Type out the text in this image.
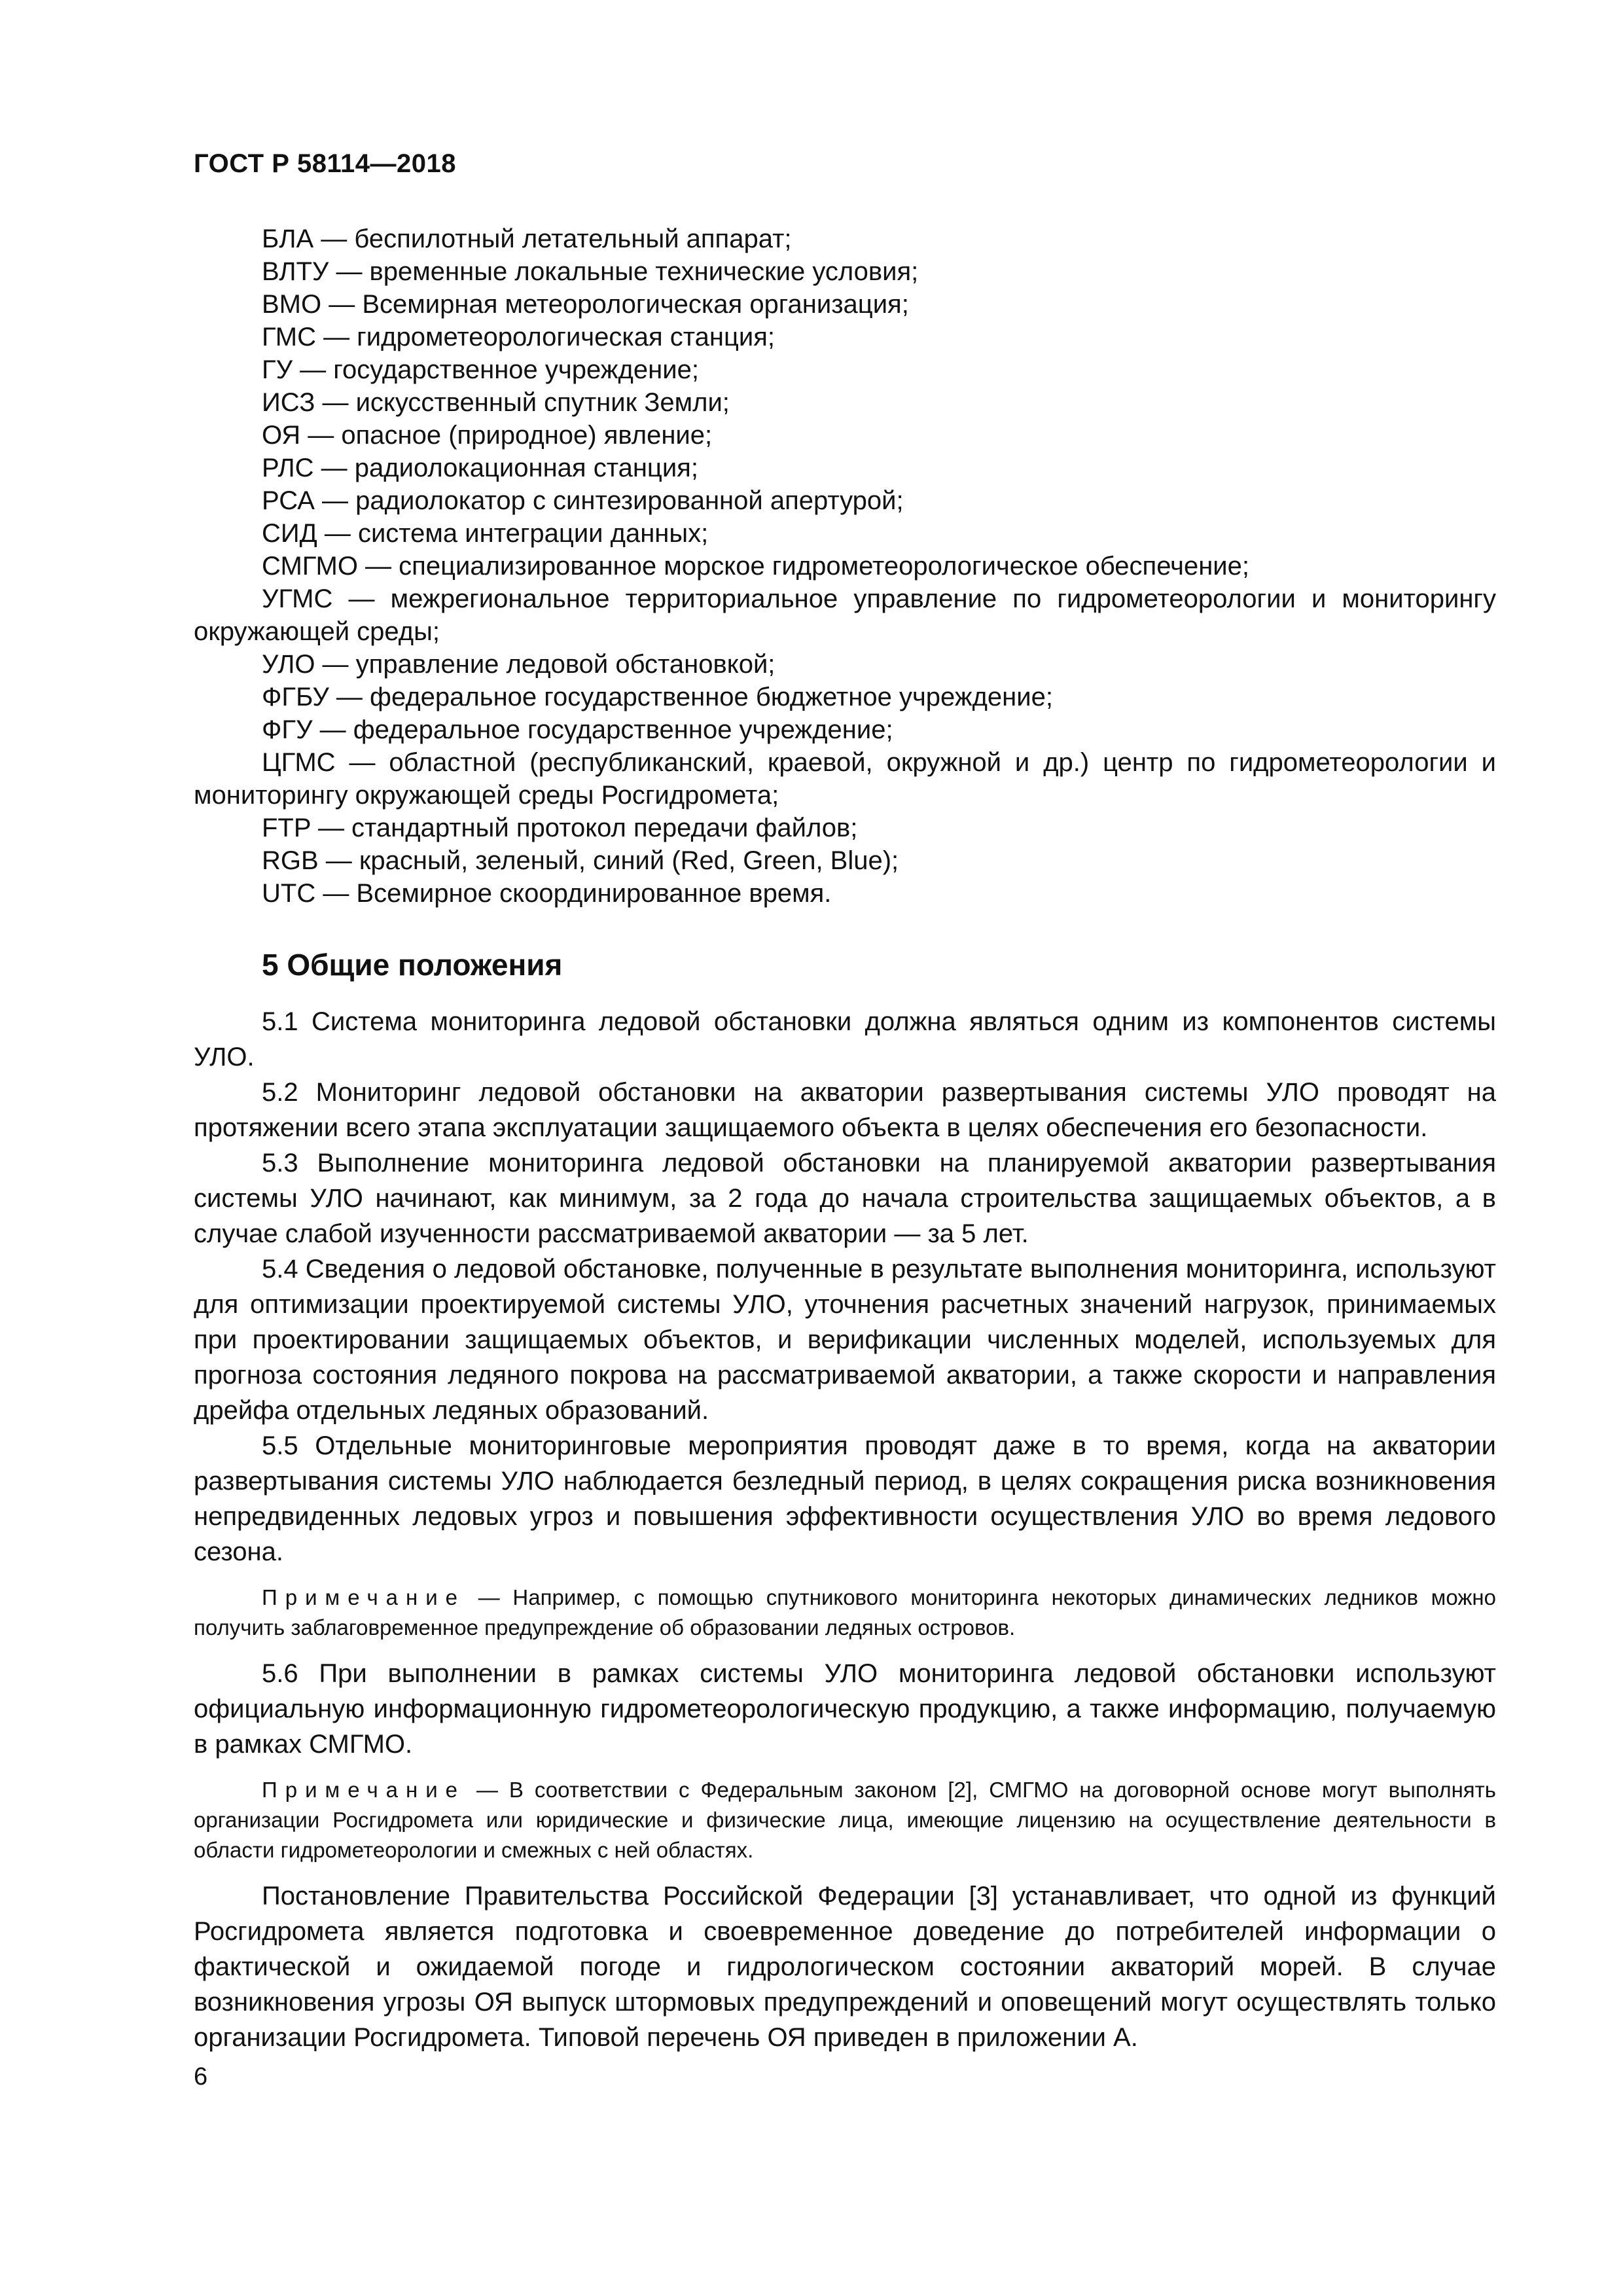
ГОСТ Р 58114—2018

БЛА — беспилотный летательный аппарат;

ВЛТУ — временные локальные технические условия;

ВМО — Всемирная метеорологическая организация;

ГМС — гидрометеорологическая станция;

ГУ — государственное учреждение;

ИСЗ — искусственный спутник Земли;

ОЯ — опасное (природное) явление;

РЛС — радиолокационная станция;

РСА — радиолокатор с синтезированной апертурой;

СИД — система интеграции данных;

СМГМО — специализированное морское гидрометеорологическое обеспечение;

УГМС — межрегиональное территориальное управление по гидрометеорологии и мониторингу окружающей среды;

УЛО — управление ледовой обстановкой;

ФГБУ — федеральное государственное бюджетное учреждение;

ФГУ — федеральное государственное учреждение;

ЦГМС — областной (республиканский, краевой, окружной и др.) центр по гидрометеорологии и мониторингу окружающей среды Росгидромета;

FTP — стандартный протокол передачи файлов;

RGB — красный, зеленый, синий (Red, Green, Blue);

UTC — Всемирное скоординированное время.

5 Общие положения

5.1 Система мониторинга ледовой обстановки должна являться одним из компонентов системы УЛО.

5.2 Мониторинг ледовой обстановки на акватории развертывания системы УЛО проводят на протяжении всего этапа эксплуатации защищаемого объекта в целях обеспечения его безопасности.

5.3 Выполнение мониторинга ледовой обстановки на планируемой акватории развертывания системы УЛО начинают, как минимум, за 2 года до начала строительства защищаемых объектов, а в случае слабой изученности рассматриваемой акватории — за 5 лет.

5.4 Сведения о ледовой обстановке, полученные в результате выполнения мониторинга, используют для оптимизации проектируемой системы УЛО, уточнения расчетных значений нагрузок, принимаемых при проектировании защищаемых объектов, и верификации численных моделей, используемых для прогноза состояния ледяного покрова на рассматриваемой акватории, а также скорости и направления дрейфа отдельных ледяных образований.

5.5 Отдельные мониторинговые мероприятия проводят даже в то время, когда на акватории развертывания системы УЛО наблюдается безледный период, в целях сокращения риска возникновения непредвиденных ледовых угроз и повышения эффективности осуществления УЛО во время ледового сезона.

Примечание — Например, с помощью спутникового мониторинга некоторых динамических ледников можно получить заблаговременное предупреждение об образовании ледяных островов.

5.6 При выполнении в рамках системы УЛО мониторинга ледовой обстановки используют официальную информационную гидрометеорологическую продукцию, а также информацию, получаемую в рамках СМГМО.

Примечание — В соответствии с Федеральным законом [2], СМГМО на договорной основе могут выполнять организации Росгидромета или юридические и физические лица, имеющие лицензию на осуществление деятельности в области гидрометеорологии и смежных с ней областях.

Постановление Правительства Российской Федерации [3] устанавливает, что одной из функций Росгидромета является подготовка и своевременное доведение до потребителей информации о фактической и ожидаемой погоде и гидрологическом состоянии акваторий морей. В случае возникновения угрозы ОЯ выпуск штормовых предупреждений и оповещений могут осуществлять только организации Росгидромета. Типовой перечень ОЯ приведен в приложении А.

6
